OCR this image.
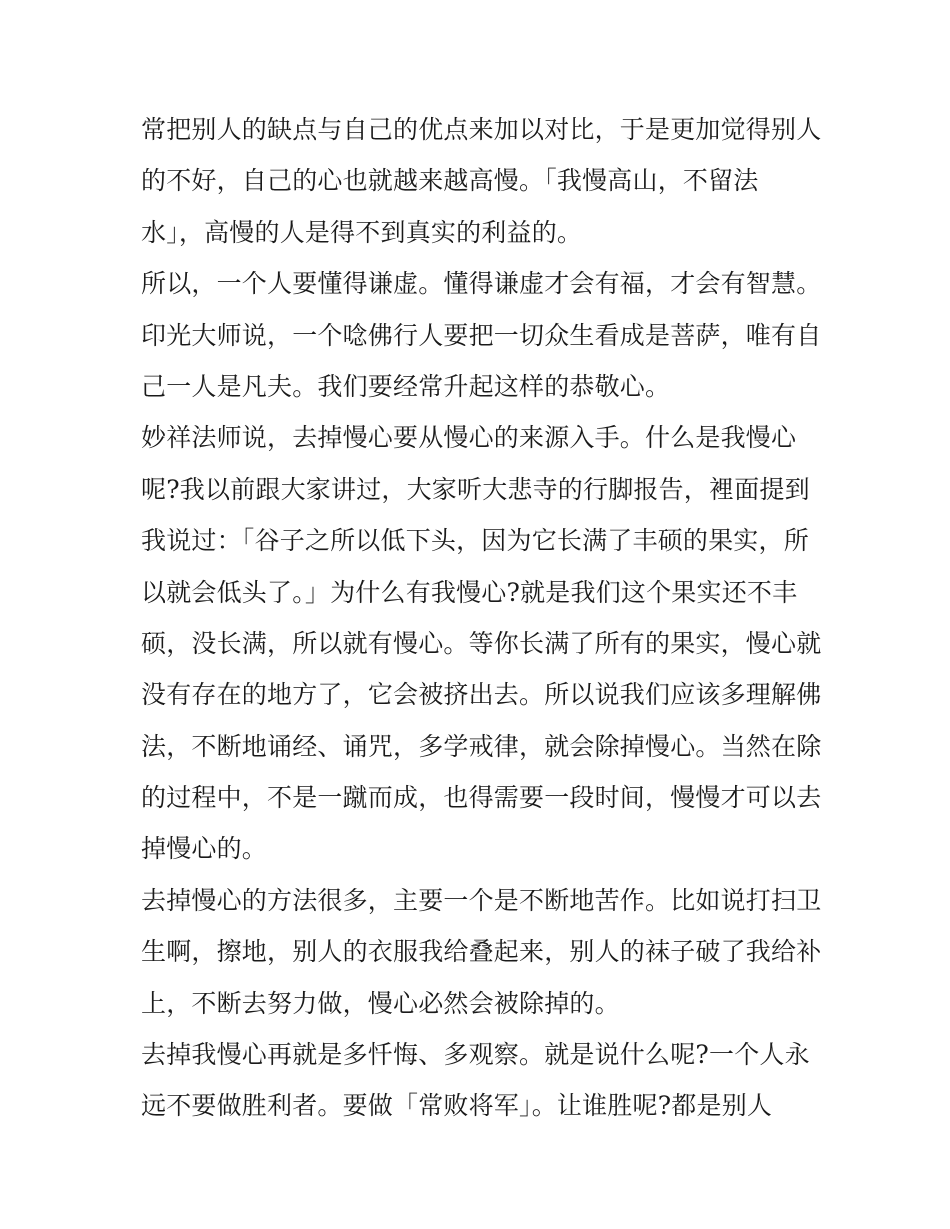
常把别人的缺点与自己的优点来加以对比，于是更加觉得别人
的不好，自己的心也就越来越高慢。「我慢高山，不留法
水」，高慢的人是得不到真实的利益的。
所以，一个人要懂得谦虚。懂得谦虚才会有福，才会有智慧。
印光大师说，一个唸佛行人要把一切众生看成是菩萨，唯有自
己一人是凡夫。我们要经常升起这样的恭敬心。
妙祥法师说，去掉慢心要从慢心的来源入手。什么是我慢心
呢?我以前跟大家讲过，大家听大悲寺的行脚报告，裡面提到
我说过：「谷子之所以低下头，因为它长满了丰硕的果实，所
以就会低头了。」为什么有我慢心?就是我们这个果实还不丰
硕，没长满，所以就有慢心。等你长满了所有的果实，慢心就
没有存在的地方了，它会被挤出去。所以说我们应该多理解佛
法，不断地诵经、诵咒，多学戒律，就会除掉慢心。当然在除
的过程中，不是一蹴而成，也得需要一段时间，慢慢才可以去
掉慢心的。
去掉慢心的方法很多，主要一个是不断地苦作。比如说打扫卫
生啊，擦地，别人的衣服我给叠起来，别人的袜子破了我给补
上，不断去努力做，慢心必然会被除掉的。
去掉我慢心再就是多忏悔、多观察。就是说什么呢?一个人永
远不要做胜利者。要做「常败将军」。让谁胜呢?都是别人
